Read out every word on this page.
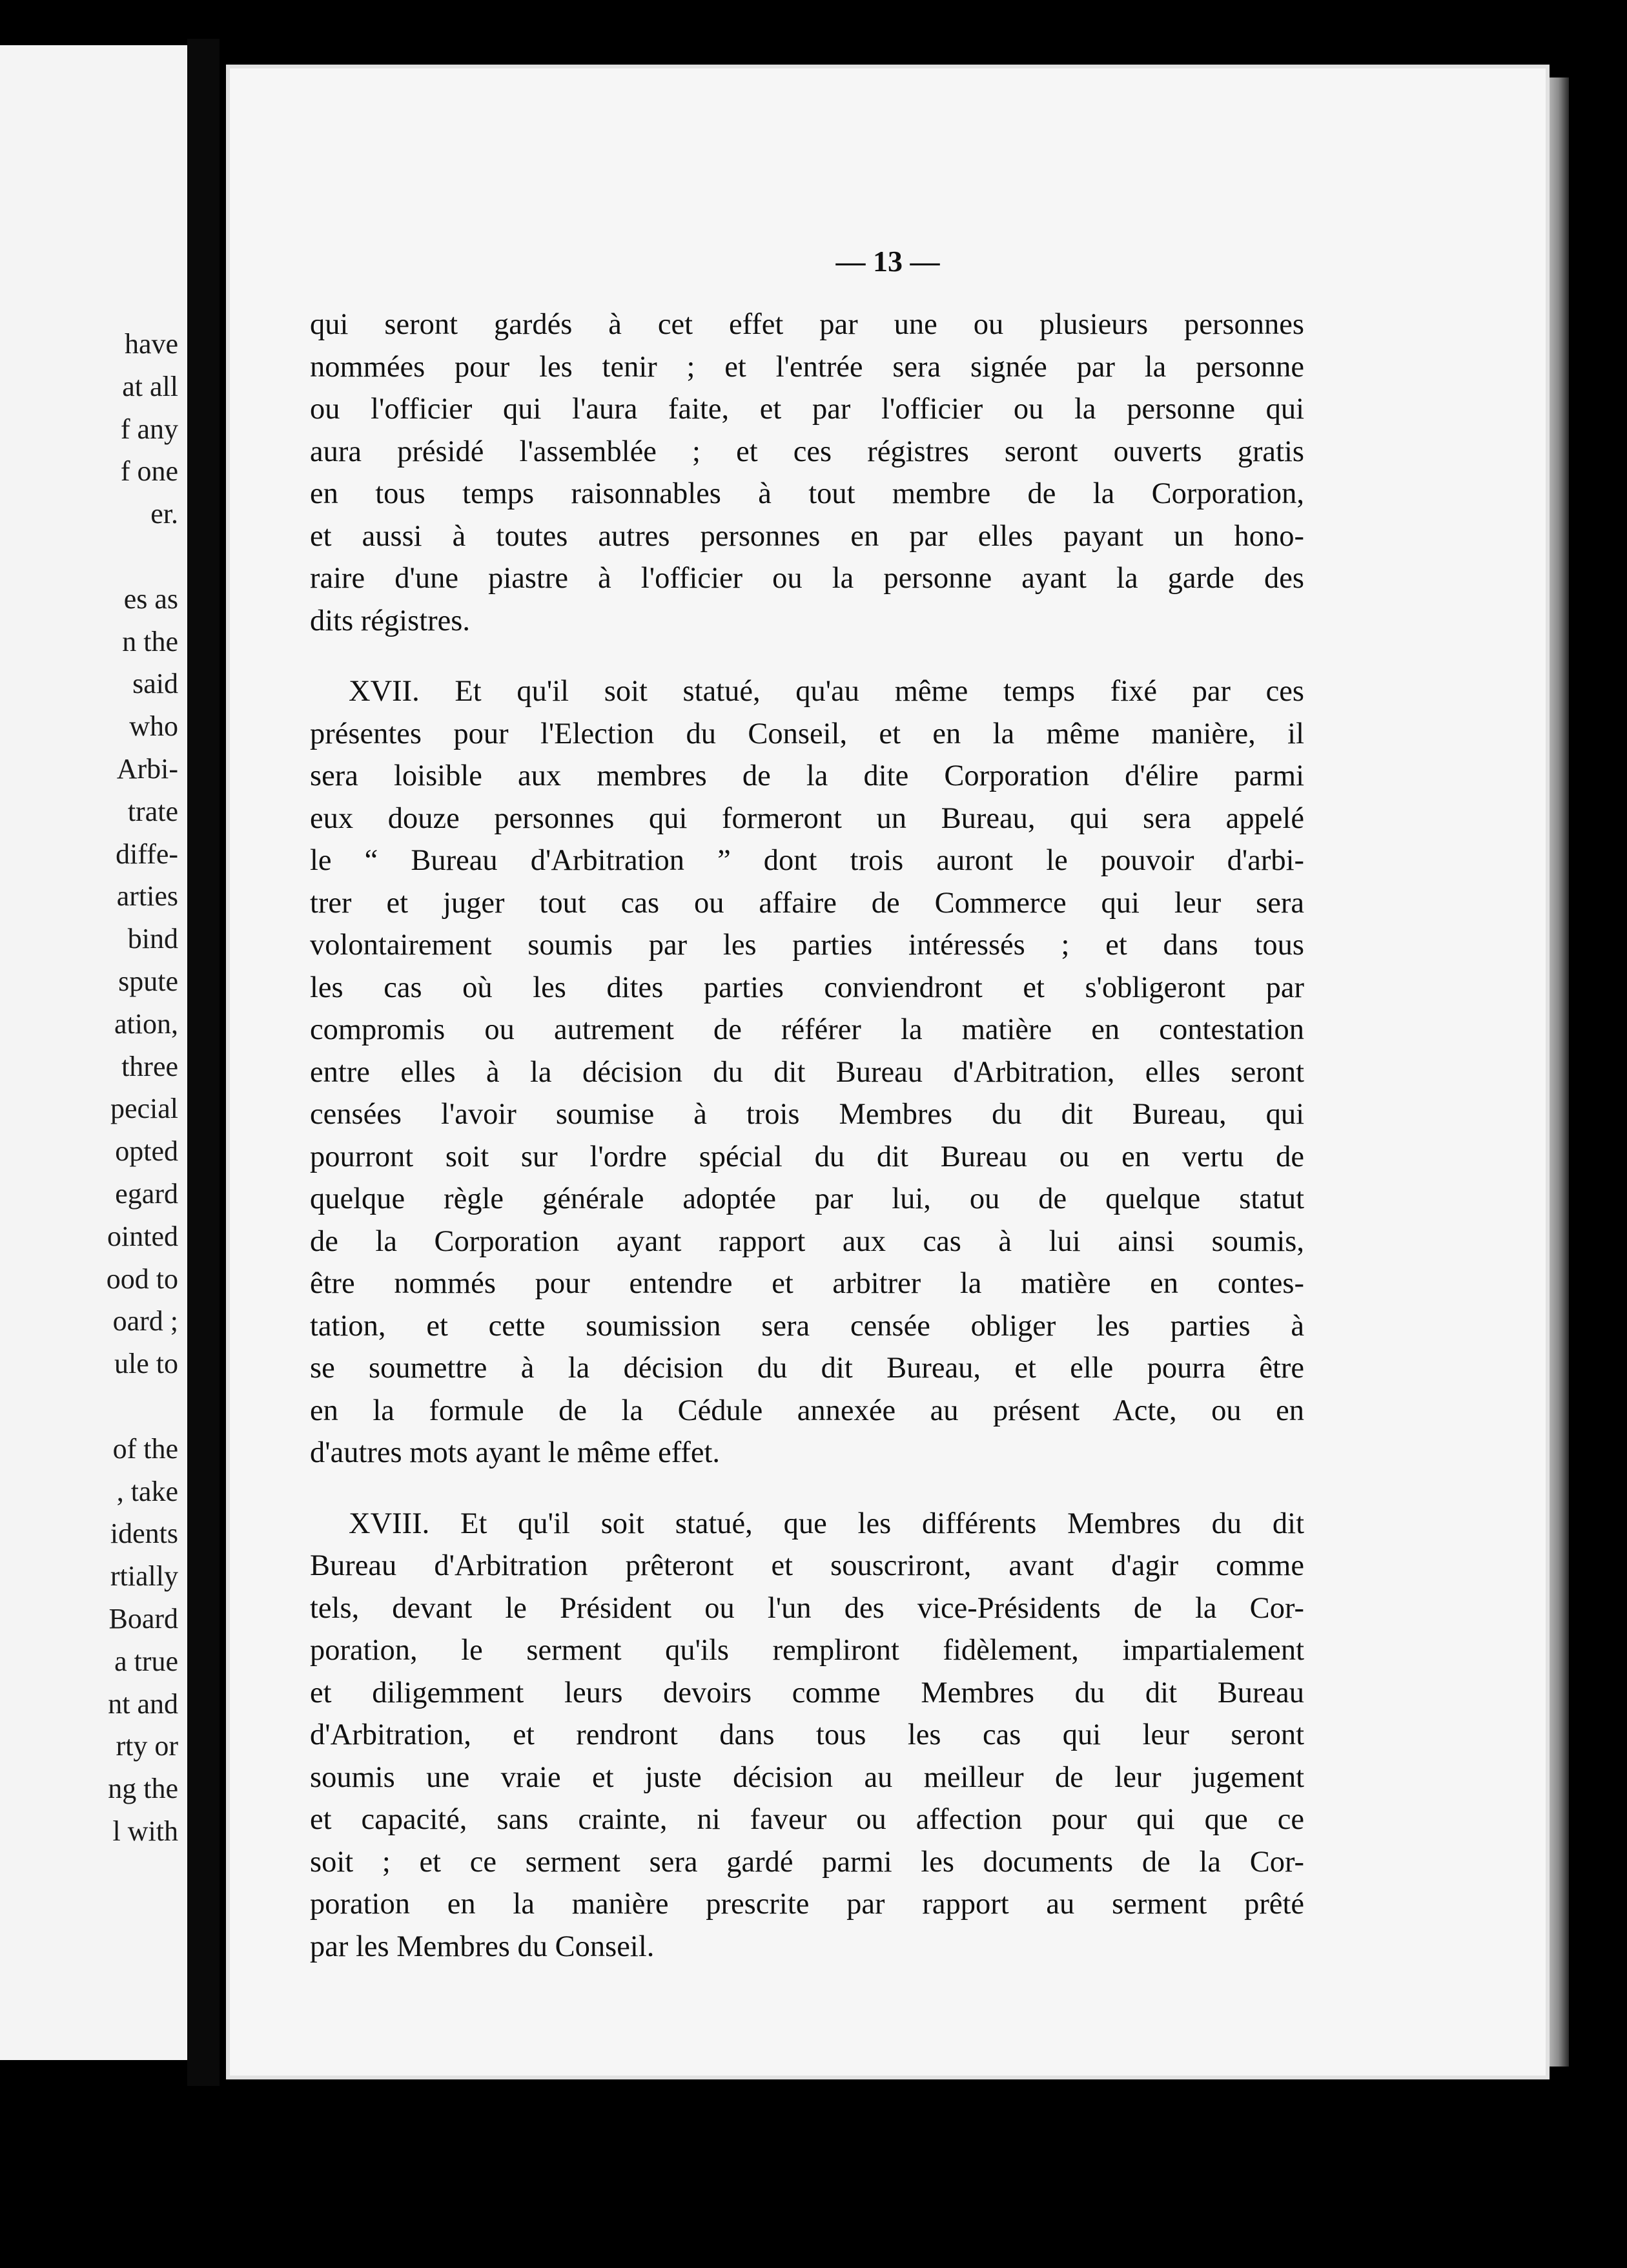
have
at all
f any
f one
er.
es as
n the
said
who
Arbi-
trate
diffe-
arties
bind
spute
ation,
three
pecial
opted
egard
ointed
ood to
oard ;
ule to
of the
, take
idents
rtially
Board
a true
nt and
rty or
ng the
l with
— 13 —
qui seront gardés à cet effet par une ou plusieurs personnes
nommées pour les tenir ; et l'entrée sera signée par la personne
ou l'officier qui l'aura faite, et par l'officier ou la personne qui
aura présidé l'assemblée ; et ces régistres seront ouverts gratis
en tous temps raisonnables à tout membre de la Corporation,
et aussi à toutes autres personnes en par elles payant un hono-
raire d'une piastre à l'officier ou la personne ayant la garde des
dits régistres.
XVII. Et qu'il soit statué, qu'au même temps fixé par ces
présentes pour l'Election du Conseil, et en la même manière, il
sera loisible aux membres de la dite Corporation d'élire parmi
eux douze personnes qui formeront un Bureau, qui sera appelé
le “ Bureau d'Arbitration ” dont trois auront le pouvoir d'arbi-
trer et juger tout cas ou affaire de Commerce qui leur sera
volontairement soumis par les parties intéressés ; et dans tous
les cas où les dites parties conviendront et s'obligeront par
compromis ou autrement de référer la matière en contestation
entre elles à la décision du dit Bureau d'Arbitration, elles seront
censées l'avoir soumise à trois Membres du dit Bureau, qui
pourront soit sur l'ordre spécial du dit Bureau ou en vertu de
quelque règle générale adoptée par lui, ou de quelque statut
de la Corporation ayant rapport aux cas à lui ainsi soumis,
être nommés pour entendre et arbitrer la matière en contes-
tation, et cette soumission sera censée obliger les parties à
se soumettre à la décision du dit Bureau, et elle pourra être
en la formule de la Cédule annexée au présent Acte, ou en
d'autres mots ayant le même effet.
XVIII. Et qu'il soit statué, que les différents Membres du dit
Bureau d'Arbitration prêteront et souscriront, avant d'agir comme
tels, devant le Président ou l'un des vice-Présidents de la Cor-
poration, le serment qu'ils rempliront fidèlement, impartialement
et diligemment leurs devoirs comme Membres du dit Bureau
d'Arbitration, et rendront dans tous les cas qui leur seront
soumis une vraie et juste décision au meilleur de leur jugement
et capacité, sans crainte, ni faveur ou affection pour qui que ce
soit ; et ce serment sera gardé parmi les documents de la Cor-
poration en la manière prescrite par rapport au serment prêté
par les Membres du Conseil.
